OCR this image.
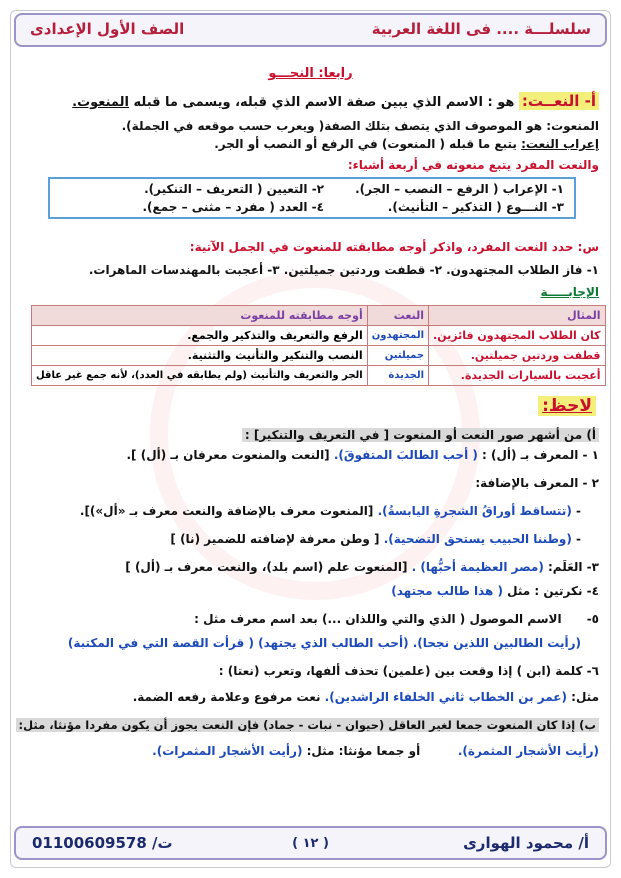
سلسلـــة .... فى اللغة العربية
الصف الأول الإعدادى
رابعا: النحـــو
أ- النعــت: هو : الاسم الذي يبين صفة الاسم الذي قبله، ويسمى ما قبله المنعوت.
المنعوت: هو الموصوف الذي يتصف بتلك الصفة( ويعرب حسب موقعه في الجملة).
إعراب النعت: يتبع ما قبله ( المنعوت) في الرفع أو النصب أو الجر.
والنعت المفرد يتبع منعوته في أربعة أشياء:
١- الإعراب ( الرفع – النصب – الجر).
٢- التعيين ( التعريف – التنكير).
٣- النـــوع ( التذكير – التأنيث).
٤- العدد ( مفرد – مثنى – جمع).
س: حدد النعت المفرد، واذكر أوجه مطابقته للمنعوت في الجمل الآتية:
١- فاز الطلاب المجتهدون. ٢- قطفت وردتين جميلتين. ٣- أعجبت بالمهندسات الماهرات.
الإجابـــــة
المثال	النعت	أوجه مطابقته للمنعوت
كان الطلاب المجتهدون فائزين.	المجتهدون	الرفع والتعريف والتذكير والجمع.
قطفت وردتين جميلتين.	جميلتين	النصب والتنكير والتأنيث والتثنية.
أعجبت بالسيارات الجديدة.	الجديدة	الجر والتعريف والتأنيث (ولم يطابقه في العدد)، لأنه جمع غير عاقل
لاحظ:
أ) من أشهر صور النعت أو المنعوت [ في التعريف والتنكير] :
١ - المعرف بـ (أل) : ( أحب الطالبَ المتفوقَ). [النعت والمنعوت معرفان بـ (أل) ].
٢ - المعرف بالإضافة:
- (تتساقط أوراقُ الشجرةِ اليابسةُ). [المنعوت معرف بالإضافة والنعت معرف بـ «أل»)].
- (وطننا الحبيب يستحق التضحية). [ وطن معرفة لإضافته للضمير (نا) ]
٣- العَلَم: (مصر العظيمة أحبُّها) . [المنعوت علم (اسم بلد)، والنعت معرف بـ (أل) ]
٤- نكرتين : مثل ( هذا طالب مجتهد)
٥-      الاسم الموصول ( الذي والتي واللذان ...) بعد اسم معرف مثل :
(رأيت الطالبين اللذين نجحا). (أحب الطالب الذي يجتهد) ( قرأت القصة التي في المكتبة)
٦- كلمة (ابن ) إذا وقعت بين (علمين) تحذف ألفها، وتعرب (نعتا) :
مثل: (عمر بن الخطاب ثاني الخلفاء الراشدين). نعت مرفوع وعلامة رفعه الضمة.
ب) إذا كان المنعوت جمعا لغير العاقل (حيوان - نبات - جماد) فإن النعت يجوز أن يكون مفردا مؤنثا، مثل:
(رأيت الأشجار المثمرة).         أو جمعا مؤنثا: مثل: (رأيت الأشجار المثمرات).
أ/ محمود الهوارى
( ١٢ )
01100609578 /ت
